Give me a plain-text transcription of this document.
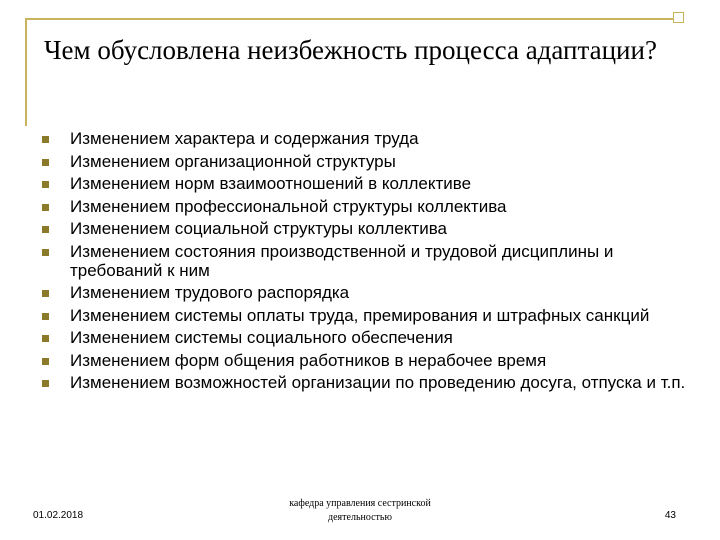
Чем обусловлена неизбежность процесса адаптации?
Изменением характера и содержания труда
Изменением организационной структуры
Изменением норм взаимоотношений в коллективе
Изменением профессиональной структуры коллектива
Изменением социальной структуры коллектива
Изменением состояния производственной и трудовой дисциплины и требований к ним
Изменением трудового распорядка
Изменением системы оплаты труда, премирования и штрафных санкций
Изменением системы социального обеспечения
Изменением форм общения работников в нерабочее время
Изменением возможностей организации по проведению досуга, отпуска и т.п.
01.02.2018
кафедра управления сестринской
деятельностью	43
